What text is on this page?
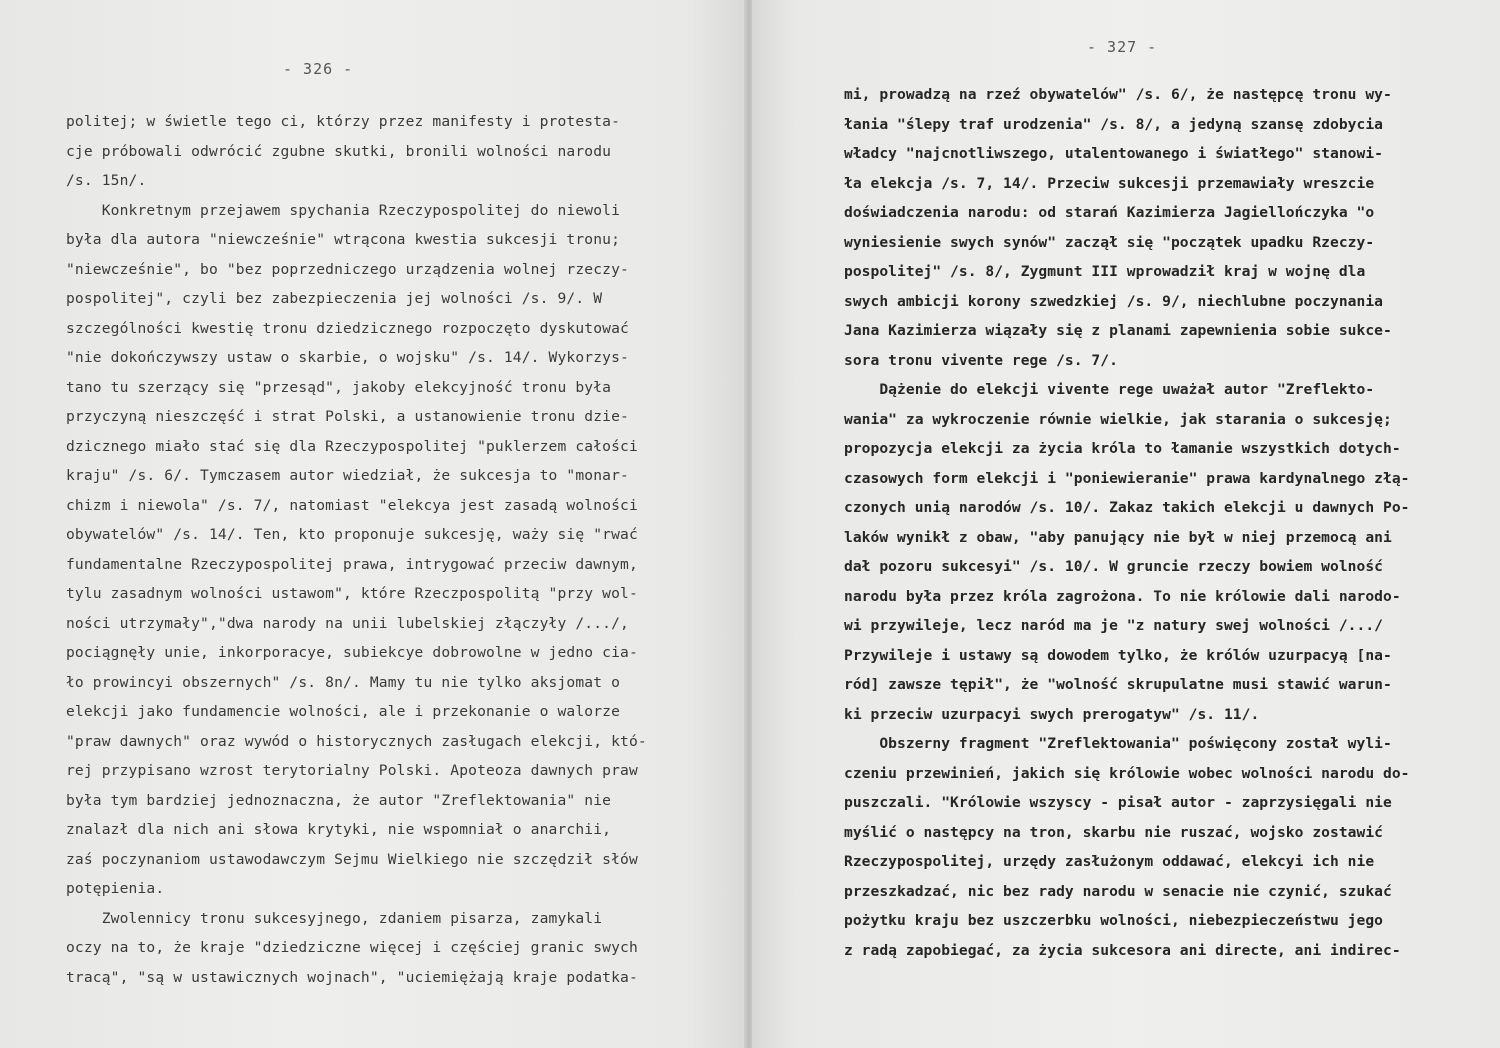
- 326 -
politej; w świetle tego ci, którzy przez manifesty i protesta-
cje próbowali odwrócić zgubne skutki, bronili wolności narodu
/s. 15n/.
Konkretnym przejawem spychania Rzeczypospolitej do niewoli
była dla autora "niewcześnie" wtrącona kwestia sukcesji tronu;
"niewcześnie", bo "bez poprzedniczego urządzenia wolnej rzeczy-
pospolitej", czyli bez zabezpieczenia jej wolności /s. 9/. W
szczególności kwestię tronu dziedzicznego rozpoczęto dyskutować
"nie dokończywszy ustaw o skarbie, o wojsku" /s. 14/. Wykorzys-
tano tu szerzący się "przesąd", jakoby elekcyjność tronu była
przyczyną nieszczęść i strat Polski, a ustanowienie tronu dzie-
dzicznego miało stać się dla Rzeczypospolitej "puklerzem całości
kraju" /s. 6/. Tymczasem autor wiedział, że sukcesja to "monar-
chizm i niewola" /s. 7/, natomiast "elekcya jest zasadą wolności
obywatelów" /s. 14/. Ten, kto proponuje sukcesję, waży się "rwać
fundamentalne Rzeczypospolitej prawa, intrygować przeciw dawnym,
tylu zasadnym wolności ustawom", które Rzeczpospolitą "przy wol-
ności utrzymały","dwa narody na unii lubelskiej złączyły /.../,
pociągnęły unie, inkorporacye, subiekcye dobrowolne w jedno cia-
ło prowincyi obszernych" /s. 8n/. Mamy tu nie tylko aksjomat o
elekcji jako fundamencie wolności, ale i przekonanie o walorze
"praw dawnych" oraz wywód o historycznych zasługach elekcji, któ-
rej przypisano wzrost terytorialny Polski. Apoteoza dawnych praw
była tym bardziej jednoznaczna, że autor "Zreflektowania" nie
znalazł dla nich ani słowa krytyki, nie wspomniał o anarchii,
zaś poczynaniom ustawodawczym Sejmu Wielkiego nie szczędził słów
potępienia.
Zwolennicy tronu sukcesyjnego, zdaniem pisarza, zamykali
oczy na to, że kraje "dziedziczne więcej i częściej granic swych
tracą", "są w ustawicznych wojnach", "uciemiężają kraje podatka-
- 327 -
mi, prowadzą na rzeź obywatelów" /s. 6/, że następcę tronu wy-
łania "ślepy traf urodzenia" /s. 8/, a jedyną szansę zdobycia
władcy "najcnotliwszego, utalentowanego i światłego" stanowi-
ła elekcja /s. 7, 14/. Przeciw sukcesji przemawiały wreszcie
doświadczenia narodu: od starań Kazimierza Jagiellończyka "o
wyniesienie swych synów" zaczął się "początek upadku Rzeczy-
pospolitej" /s. 8/, Zygmunt III wprowadził kraj w wojnę dla
swych ambicji korony szwedzkiej /s. 9/, niechlubne poczynania
Jana Kazimierza wiązały się z planami zapewnienia sobie sukce-
sora tronu vivente rege /s. 7/.
Dążenie do elekcji vivente rege uważał autor "Zreflekto-
wania" za wykroczenie równie wielkie, jak starania o sukcesję;
propozycja elekcji za życia króla to łamanie wszystkich dotych-
czasowych form elekcji i "poniewieranie" prawa kardynalnego złą-
czonych unią narodów /s. 10/. Zakaz takich elekcji u dawnych Po-
laków wynikł z obaw, "aby panujący nie był w niej przemocą ani
dał pozoru sukcesyi" /s. 10/. W gruncie rzeczy bowiem wolność
narodu była przez króla zagrożona. To nie królowie dali narodo-
wi przywileje, lecz naród ma je "z natury swej wolności /.../
Przywileje i ustawy są dowodem tylko, że królów uzurpacyą [na-
ród] zawsze tępił", że "wolność skrupulatne musi stawić warun-
ki przeciw uzurpacyi swych prerogatyw" /s. 11/.
Obszerny fragment "Zreflektowania" poświęcony został wyli-
czeniu przewinień, jakich się królowie wobec wolności narodu do-
puszczali. "Królowie wszyscy - pisał autor - zaprzysięgali nie
myślić o następcy na tron, skarbu nie ruszać, wojsko zostawić
Rzeczypospolitej, urzędy zasłużonym oddawać, elekcyi ich nie
przeszkadzać, nic bez rady narodu w senacie nie czynić, szukać
pożytku kraju bez uszczerbku wolności, niebezpieczeństwu jego
z radą zapobiegać, za życia sukcesora ani directe, ani indirec-
